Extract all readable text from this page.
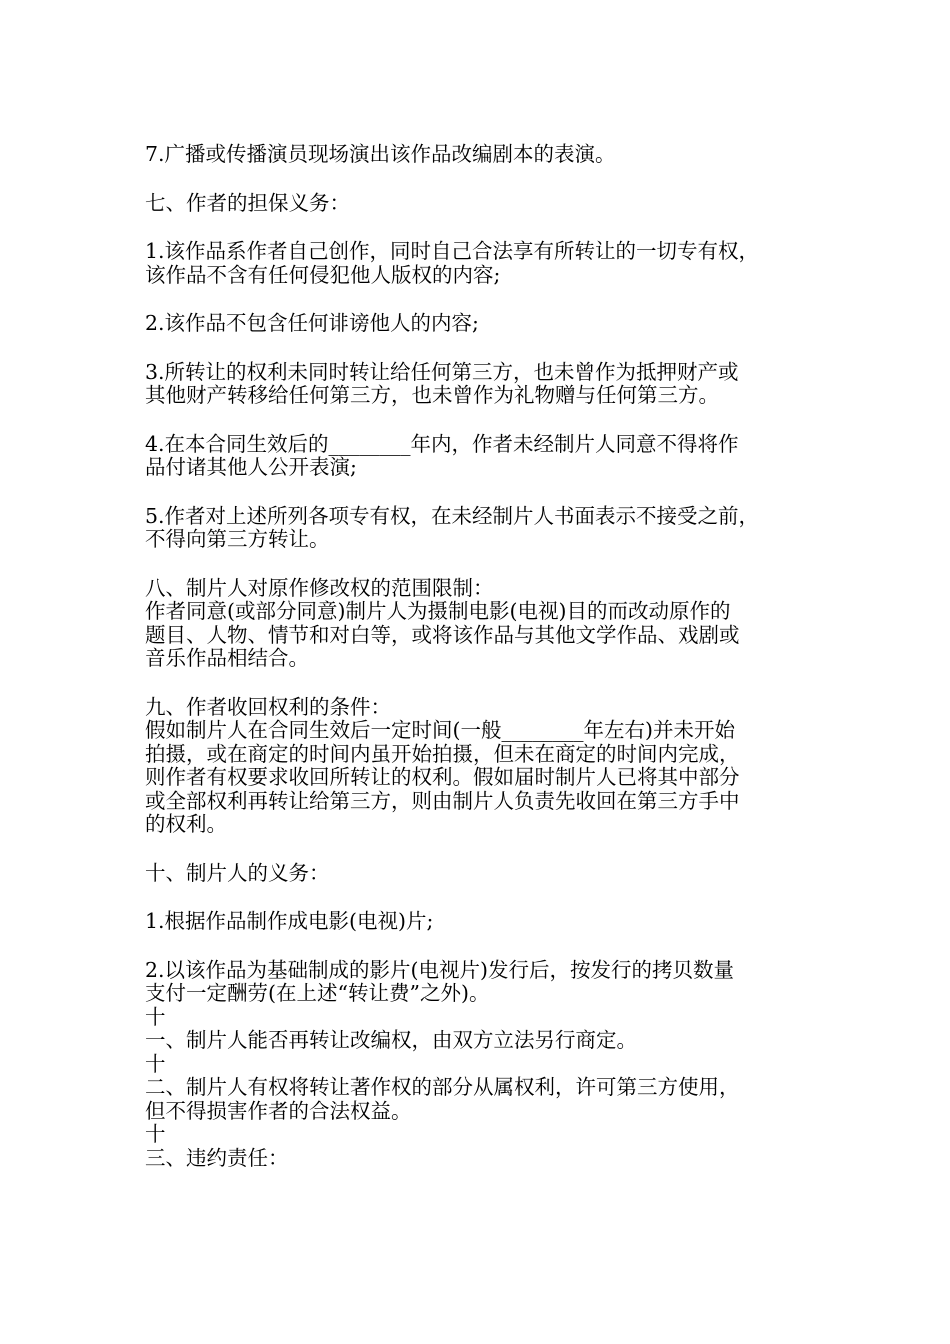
7.广播或传播演员现场演出该作品改编剧本的表演。

七、作者的担保义务：

1.该作品系作者自己创作，同时自己合法享有所转让的一切专有权，
该作品不含有任何侵犯他人版权的内容;

2.该作品不包含任何诽谤他人的内容;

3.所转让的权利未同时转让给任何第三方，也未曾作为抵押财产或
其他财产转移给任何第三方，也未曾作为礼物赠与任何第三方。

4.在本合同生效后的________年内，作者未经制片人同意不得将作
品付诸其他人公开表演;

5.作者对上述所列各项专有权，在未经制片人书面表示不接受之前，
不得向第三方转让。

八、制片人对原作修改权的范围限制：
作者同意(或部分同意)制片人为摄制电影(电视)目的而改动原作的
题目、人物、情节和对白等，或将该作品与其他文学作品、戏剧或
音乐作品相结合。

九、作者收回权利的条件：
假如制片人在合同生效后一定时间(一般________年左右)并未开始
拍摄，或在商定的时间内虽开始拍摄，但未在商定的时间内完成，
则作者有权要求收回所转让的权利。假如届时制片人已将其中部分
或全部权利再转让给第三方，则由制片人负责先收回在第三方手中
的权利。

十、制片人的义务：

1.根据作品制作成电影(电视)片;

2.以该作品为基础制成的影片(电视片)发行后，按发行的拷贝数量
支付一定酬劳(在上述“转让费”之外)。
十
一、制片人能否再转让改编权，由双方立法另行商定。
十
二、制片人有权将转让著作权的部分从属权利，许可第三方使用，
但不得损害作者的合法权益。
十
三、违约责任：
